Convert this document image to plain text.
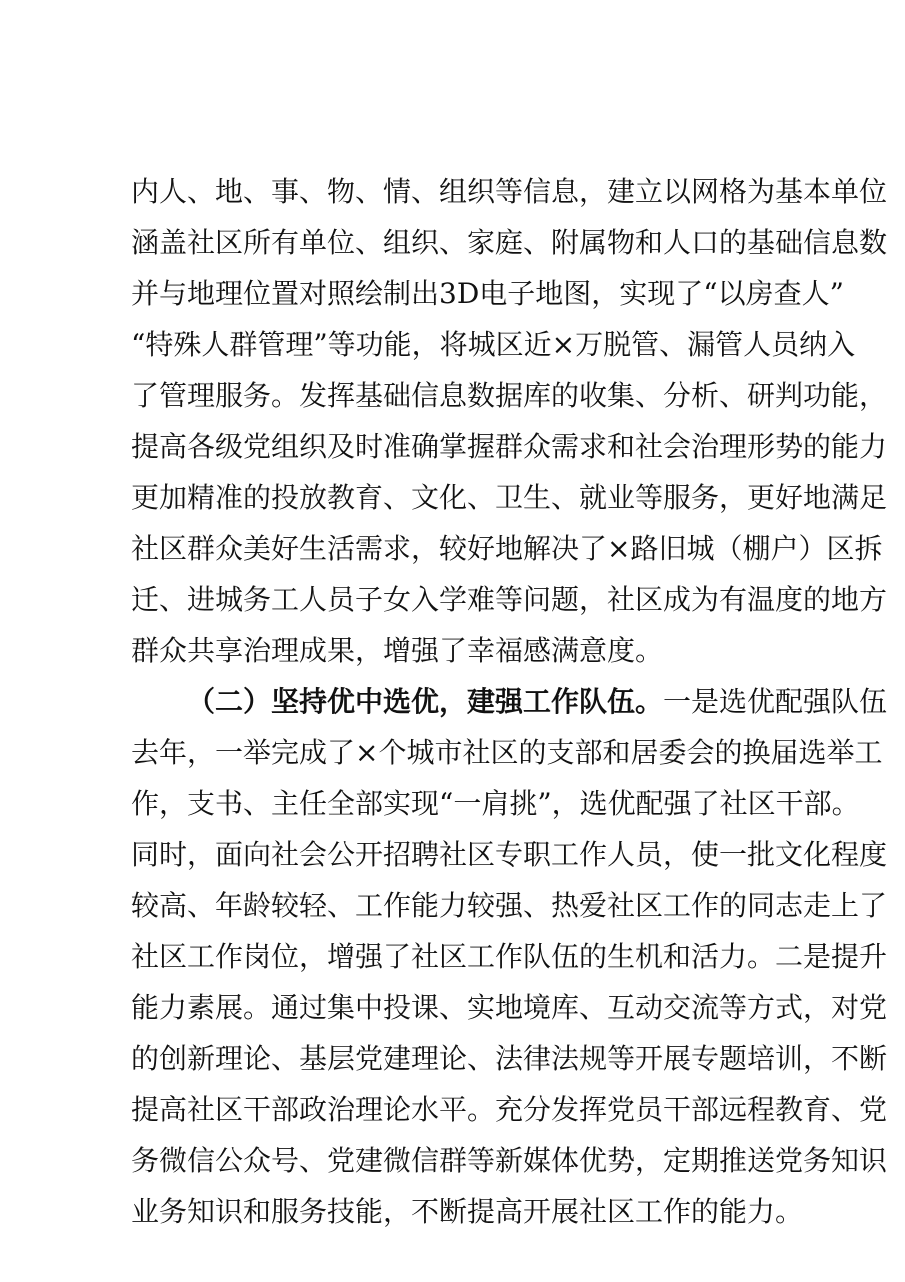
内人、地、事、物、情、组织等信息，建立以网格为基本单位
涵盖社区所有单位、组织、家庭、附属物和人口的基础信息数
并与地理位置对照绘制出3D电子地图，实现了“以房查人”
“特殊人群管理”等功能，将城区近×万脱管、漏管人员纳入
了管理服务。发挥基础信息数据库的收集、分析、研判功能，
提高各级党组织及时准确掌握群众需求和社会治理形势的能力
更加精准的投放教育、文化、卫生、就业等服务，更好地满足
社区群众美好生活需求，较好地解决了×路旧城（棚户）区拆
迁、进城务工人员子女入学难等问题，社区成为有温度的地方
群众共享治理成果，增强了幸福感满意度。
（二）坚持优中选优，建强工作队伍。一是选优配强队伍
去年，一举完成了×个城市社区的支部和居委会的换届选举工
作，支书、主任全部实现“一肩挑”，选优配强了社区干部。
同时，面向社会公开招聘社区专职工作人员，使一批文化程度
较高、年龄较轻、工作能力较强、热爱社区工作的同志走上了
社区工作岗位，增强了社区工作队伍的生机和活力。二是提升
能力素展。通过集中投课、实地境库、互动交流等方式，对党
的创新理论、基层党建理论、法律法规等开展专题培训，不断
提高社区干部政治理论水平。充分发挥党员干部远程教育、党
务微信公众号、党建微信群等新媒体优势，定期推送党务知识
业务知识和服务技能，不断提高开展社区工作的能力。
